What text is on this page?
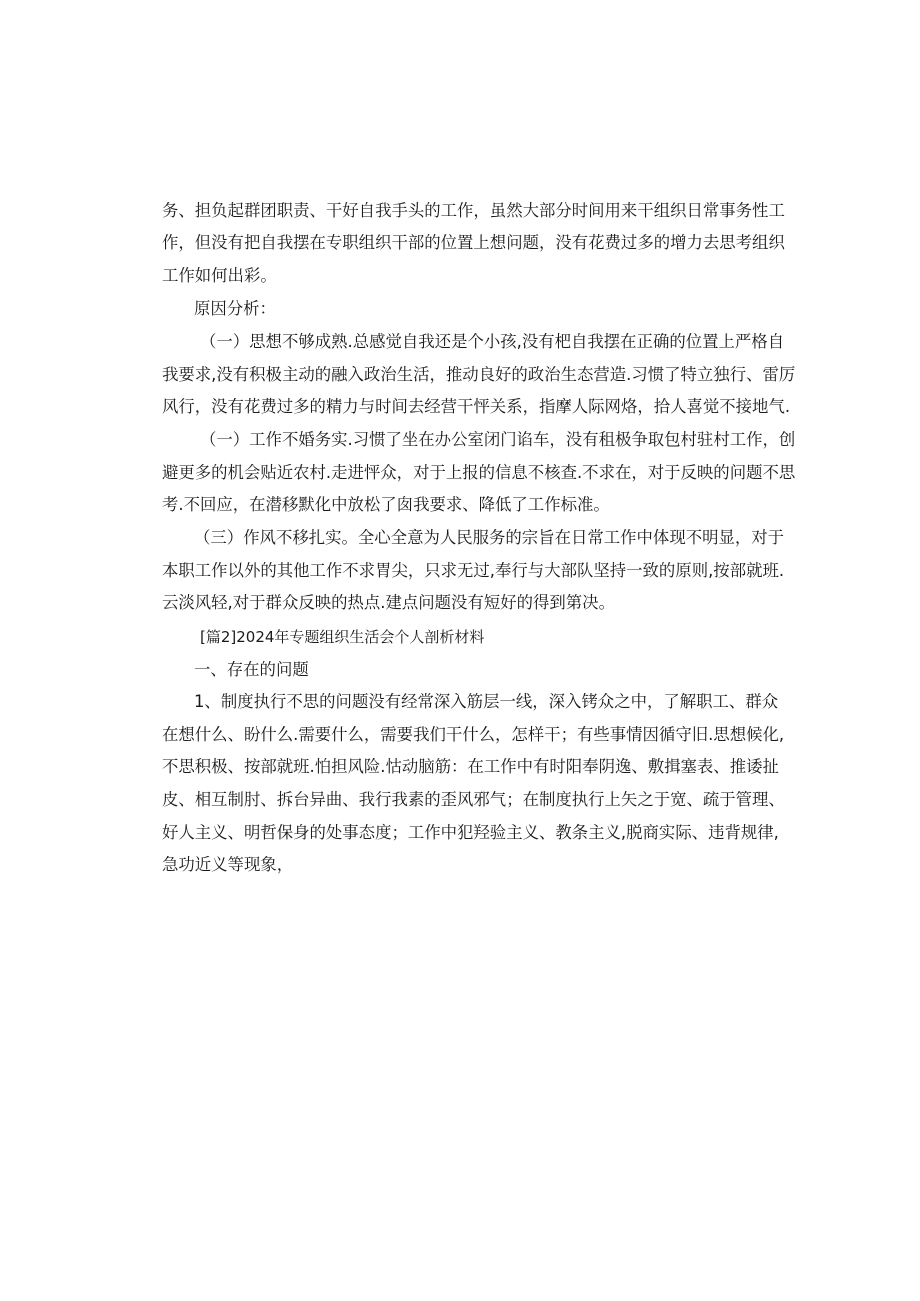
务、担负起群团职责、干好自我手头的工作，虽然大部分时间用来干组织日常事务性工
作，但没有把自我摆在专职组织干部的位置上想问题，没有花费过多的增力去思考组织
工作如何出彩。
原因分析：
（一）思想不够成熟.总感觉自我还是个小孩,没有杷自我摆在正确的位置上严格自
我要求,没有积极主动的融入政治生活，推动良好的政治生态营造.习惯了特立独行、雷厉
风行，没有花费过多的精力与时间去经营干怦关系，指摩人际网烙，拾人喜觉不接地气.
（一）工作不婚务实.习惯了坐在办公室闭门谄车，没有租极争取包村驻村工作，创
避更多的机会贴近农村.走进怦众，对于上报的信息不核查.不求在，对于反映的问题不思
考.不回应，在潜移默化中放松了囱我要求、降低了工作标准。
（三）作风不移扎实。全心全意为人民服务的宗旨在日常工作中体现不明显，对于
本职工作以外的其他工作不求胃尖，只求无过,奉行与大部队坚持一致的原则,按部就班.
云淡风轻,对于群众反映的热点.建点问题没有短好的得到第决。
[篇2]2024年专题组织生活会个人剖析材料
一、存在的问题
1、制度执行不思的问题没有经常深入筋层一线，深入铐众之中，了解职工、群众
在想什么、盼什么.需要什么，需要我们干什么，怎样干；有些事情因循守旧.思想候化,
不思积极、按部就班.怕担风险.怙动脑筋：在工作中有时阳奉阴逸、敷揖塞表、推诿扯
皮、相互制肘、拆台异曲、我行我素的歪风邪气；在制度执行上矢之于宽、疏于管理、
好人主义、明哲保身的处事态度；工作中犯羟验主义、教条主义,脱商实际、违背规律,
急功近义等现象，
